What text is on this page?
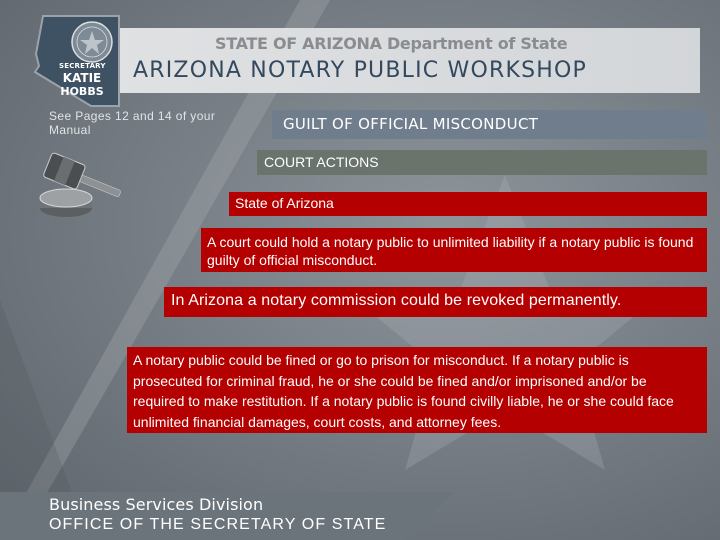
STATE OF ARIZONA Department of State
ARIZONA NOTARY PUBLIC WORKSHOP
SECRETARY
KATIE
HOBBS
See Pages 12 and 14 of your Manual	GUILT OF OFFICIAL MISCONDUCT
COURT ACTIONS
State of Arizona
A court could hold a notary public to unlimited liability if a notary public is found guilty of official misconduct.
In Arizona a notary commission could be revoked permanently.
A notary public could be fined or go to prison for misconduct. If a notary public is prosecuted for criminal fraud, he or she could be fined and/or imprisoned and/or be required to make restitution. If a notary public is found civilly liable, he or she could face unlimited financial damages, court costs, and attorney fees.
Business Services Division
OFFICE OF THE SECRETARY OF STATE
